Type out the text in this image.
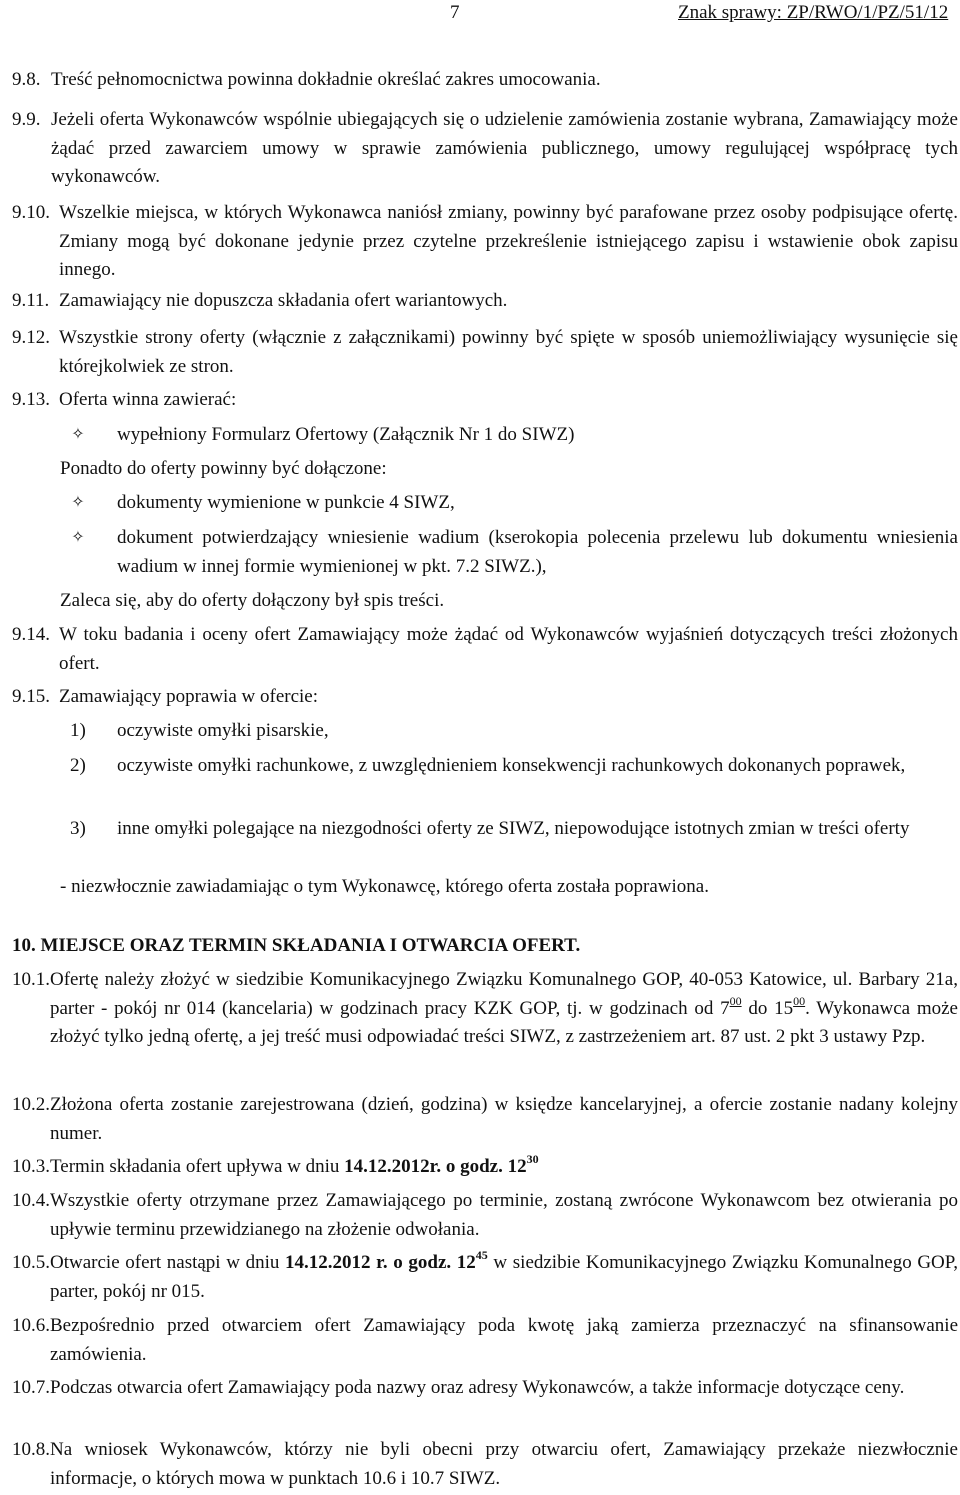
7	Znak sprawy: ZP/RWO/1/PZ/51/12
9.8. Treść pełnomocnictwa powinna dokładnie określać zakres umocowania.
9.9. Jeżeli oferta Wykonawców wspólnie ubiegających się o udzielenie zamówienia zostanie wybrana, Zamawiający może żądać przed zawarciem umowy w sprawie zamówienia publicznego, umowy regulującej współpracę tych wykonawców.
9.10. Wszelkie miejsca, w których Wykonawca naniósł zmiany, powinny być parafowane przez osoby podpisujące ofertę. Zmiany mogą być dokonane jedynie przez czytelne przekreślenie istniejącego zapisu i wstawienie obok zapisu innego.
9.11. Zamawiający nie dopuszcza składania ofert wariantowych.
9.12. Wszystkie strony oferty (włącznie z załącznikami) powinny być spięte w sposób uniemożliwiający wysunięcie się którejkolwiek ze stron.
9.13. Oferta winna zawierać:
✧ wypełniony Formularz Ofertowy (Załącznik Nr 1 do SIWZ)
Ponadto do oferty powinny być dołączone:
✧ dokumenty wymienione w punkcie 4 SIWZ,
✧ dokument potwierdzający wniesienie wadium (kserokopia polecenia przelewu lub dokumentu wniesienia wadium w innej formie wymienionej w pkt. 7.2 SIWZ.),
Zaleca się, aby do oferty dołączony był spis treści.
9.14. W toku badania i oceny ofert Zamawiający może żądać od Wykonawców wyjaśnień dotyczących treści złożonych ofert.
9.15. Zamawiający poprawia w ofercie:
1) oczywiste omyłki pisarskie,
2) oczywiste omyłki rachunkowe, z uwzględnieniem konsekwencji rachunkowych dokonanych poprawek,
3) inne omyłki polegające na niezgodności oferty ze SIWZ, niepowodujące istotnych zmian w treści oferty
- niezwłocznie zawiadamiając o tym Wykonawcę, którego oferta została poprawiona.
10. MIEJSCE ORAZ TERMIN SKŁADANIA I OTWARCIA OFERT.
10.1. Ofertę należy złożyć w siedzibie Komunikacyjnego Związku Komunalnego GOP, 40-053 Katowice, ul. Barbary 21a, parter - pokój nr 014 (kancelaria) w godzinach pracy KZK GOP, tj. w godzinach od $7^{00}$ do $15^{00}$. Wykonawca może złożyć tylko jedną ofertę, a jej treść musi odpowiadać treści SIWZ, z zastrzeżeniem art. 87 ust. 2 pkt 3 ustawy Pzp.
10.2. Złożona oferta zostanie zarejestrowana (dzień, godzina) w księdze kancelaryjnej, a ofercie zostanie nadany kolejny numer.
10.3. Termin składania ofert upływa w dniu 14.12.2012r. o godz. $12^{30}$
10.4. Wszystkie oferty otrzymane przez Zamawiającego po terminie, zostaną zwrócone Wykonawcom bez otwierania po upływie terminu przewidzianego na złożenie odwołania.
10.5. Otwarcie ofert nastąpi w dniu 14.12.2012 r. o godz. $12^{45}$ w siedzibie Komunikacyjnego Związku Komunalnego GOP, parter, pokój nr 015.
10.6. Bezpośrednio przed otwarciem ofert Zamawiający poda kwotę jaką zamierza przeznaczyć na sfinansowanie zamówienia.
10.7. Podczas otwarcia ofert Zamawiający poda nazwy oraz adresy Wykonawców, a także informacje dotyczące ceny.
10.8. Na wniosek Wykonawców, którzy nie byli obecni przy otwarciu ofert, Zamawiający przekaże niezwłocznie informacje, o których mowa w punktach 10.6 i 10.7 SIWZ.
